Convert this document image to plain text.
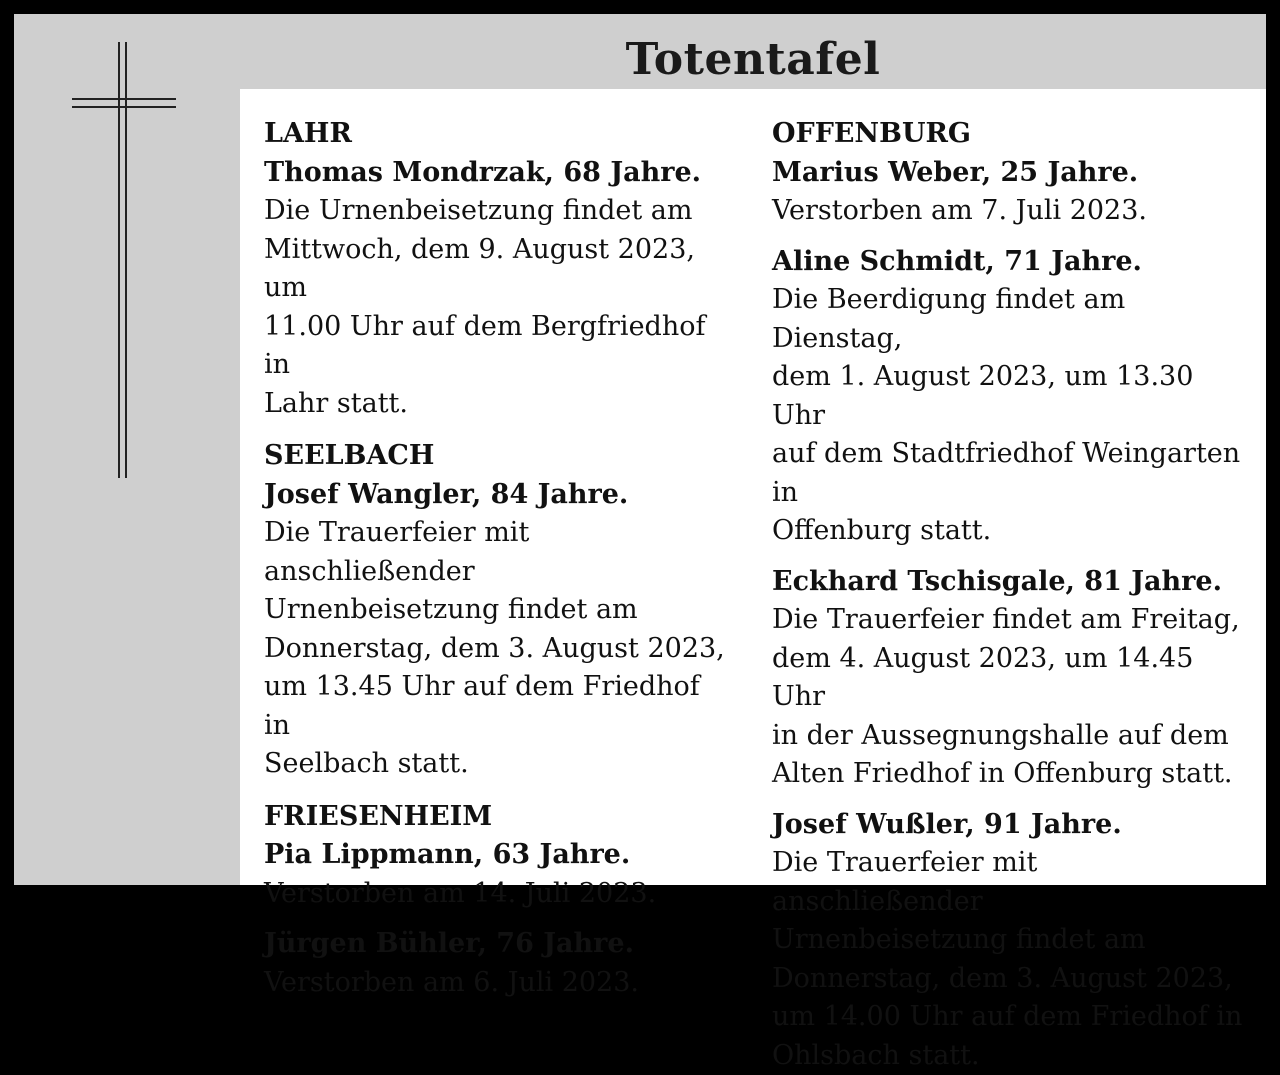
Totentafel

LAHR

Thomas Mondrzak, 68 Jahre.

Die Urnenbeisetzung findet am

Mittwoch, dem 9. August 2023, um

11.00 Uhr auf dem Bergfriedhof in

Lahr statt.

SEELBACH

Josef Wangler, 84 Jahre.

Die Trauerfeier mit anschließender

Urnenbeisetzung findet am

Donnerstag, dem 3. August 2023,

um 13.45 Uhr auf dem Friedhof in

Seelbach statt.

FRIESENHEIM

Pia Lippmann, 63 Jahre.

Verstorben am 14. Juli 2023.

Jürgen Bühler, 76 Jahre.

Verstorben am 6. Juli 2023.

OFFENBURG

Marius Weber, 25 Jahre.

Verstorben am 7. Juli 2023.

Aline Schmidt, 71 Jahre.

Die Beerdigung findet am Dienstag,

dem 1. August 2023, um 13.30 Uhr

auf dem Stadtfriedhof Weingarten in

Offenburg statt.

Eckhard Tschisgale, 81 Jahre.

Die Trauerfeier findet am Freitag,

dem 4. August 2023, um 14.45 Uhr

in der Aussegnungshalle auf dem

Alten Friedhof in Offenburg statt.

Josef Wußler, 91 Jahre.

Die Trauerfeier mit anschließender

Urnenbeisetzung findet am

Donnerstag, dem 3. August 2023,

um 14.00 Uhr auf dem Friedhof in

Ohlsbach statt.
